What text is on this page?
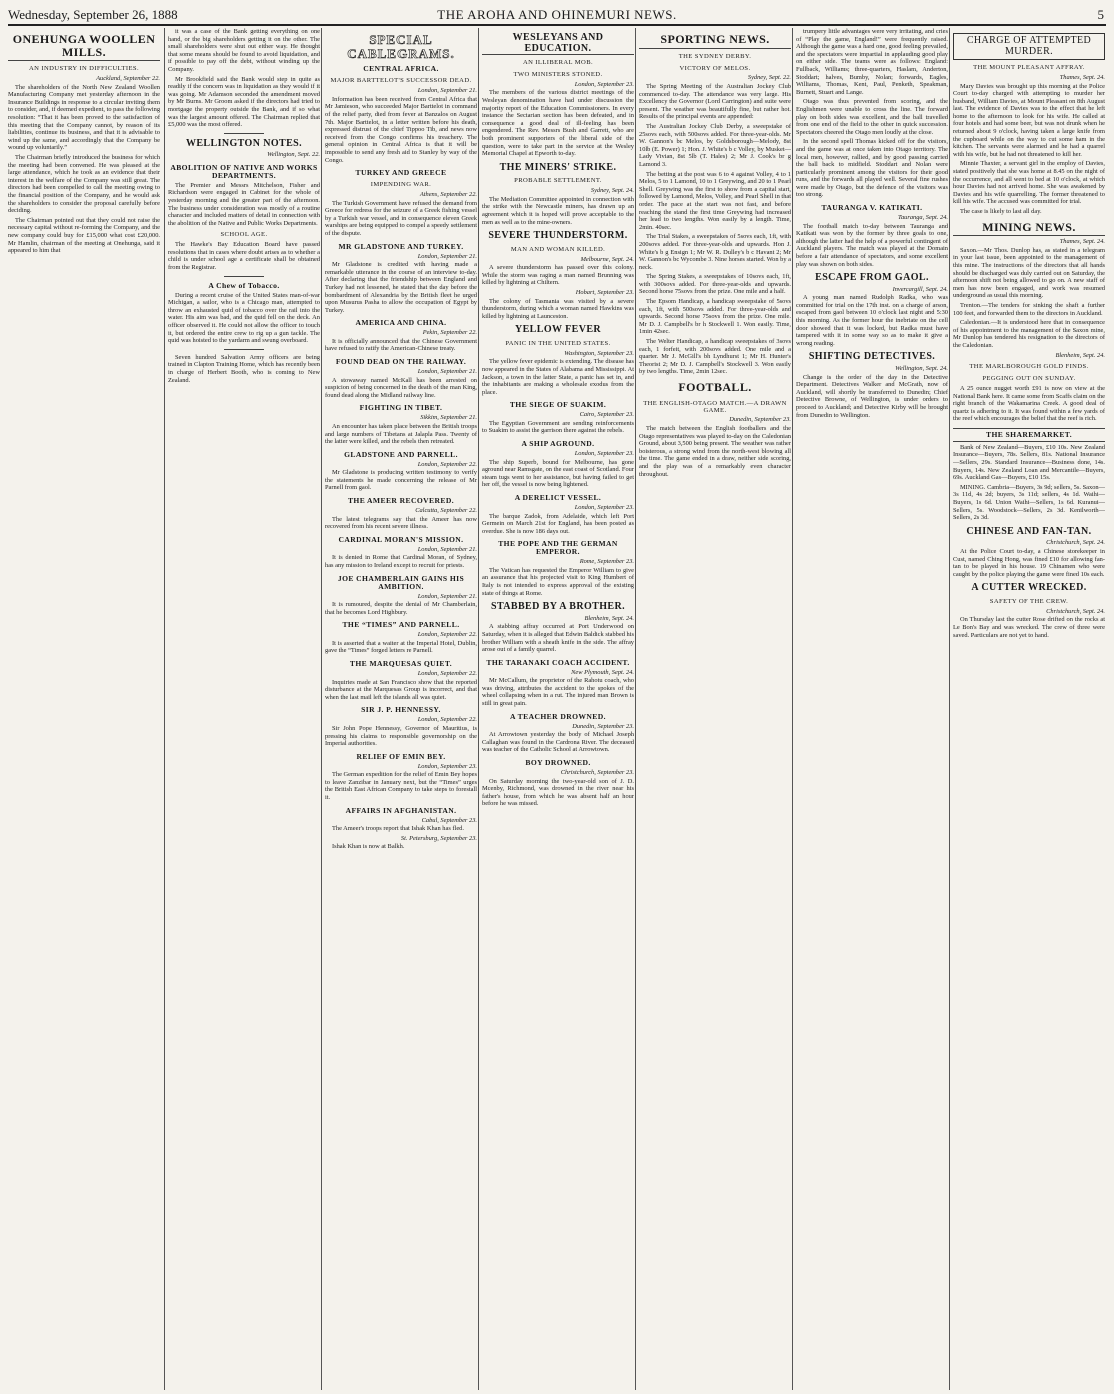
Wednesday, September 26, 1888	THE AROHA AND OHINEMURI NEWS.	5
ONEHUNGA WOOLLEN MILLS.
AN INDUSTRY IN DIFFICULTIES.
Auckland, September 22.

The shareholders of the North New Zealand Woollen Manufacturing Company met yesterday afternoon in the Insurance Buildings in response to a circular inviting them to consider, and, if deemed expedient, to pass the following resolution: “That it has been proved to the satisfaction of this meeting that the Company cannot, by reason of its liabilities, continue its business, and that it is advisable to wind up the same, and accordingly that the Company be wound up voluntarily.”

The Chairman briefly introduced the business for which the meeting had been convened. He was pleased at the large attendance, which he took as an evidence that their interest in the welfare of the Company was still great. The directors had been compelled to call the meeting owing to the financial position of the Company, and he would ask the shareholders to consider the proposal carefully before deciding.

The Chairman pointed out that they could not raise the necessary capital without re-forming the Company, and the new company could buy for £15,000 what cost £20,000. Mr Hamlin, chairman of the meeting at Onehunga, said it appeared to him that

it was a case of the Bank getting everything on one hand, or the big shareholders getting it on the other. The small shareholders were shut out either way. He thought that some means should be found to avoid liquidation, and if possible to pay off the debt, without winding up the Company.

Mr Brookfield said the Bank would step in quite as readily if the concern was in liquidation as they would if it was going. Mr Adamson seconded the amendment moved by Mr Burns. Mr Groom asked if the directors had tried to mortgage the property outside the Bank, and if so what was the largest amount offered. The Chairman replied that £5,000 was the most offered.

WELLINGTON NOTES.
Wellington, Sept. 22.
ABOLITION OF NATIVE AND WORKS DEPARTMENTS.

The Premier and Messrs Mitchelson, Fisher and Richardson were engaged in Cabinet for the whole of yesterday morning and the greater part of the afternoon. The business under consideration was mostly of a routine character and included matters of detail in connection with the abolition of the Native and Public Works Departments.

SCHOOL AGE.

The Hawke's Bay Education Board have passed resolutions that in cases where doubt arises as to whether a child is under school age a certificate shall be obtained from the Registrar.

A Chew of Tobacco.

During a recent cruise of the United States man-of-war Michigan, a sailor, who is a Chicago man, attempted to throw an exhausted quid of tobacco over the rail into the water. His aim was bad, and the quid fell on the deck. An officer observed it. He could not allow the officer to touch it, but ordered the entire crew to rig up a gun tackle. The quid was hoisted to the yardarm and swung overboard.

Seven hundred Salvation Army officers are being trained in Clapton Training Home, which has recently been in charge of Herbert Booth, who is coming to New Zealand.

SPECIAL CABLEGRAMS.
CENTRAL AFRICA.
MAJOR BARTTELOT'S SUCCESSOR DEAD.
London, September 21.

Information has been received from Central Africa that Mr Jamieson, who succeeded Major Barttelot in command of the relief party, died from fever at Banzalos on August 7th. Major Barttelot, in a letter written before his death, expressed distrust of the chief Tippoo Tib, and news now received from the Congo confirms his treachery. The general opinion in Central Africa is that it will be impossible to send any fresh aid to Stanley by way of the Congo.

TURKEY AND GREECE
IMPENDING WAR.
Athens, September 22.

The Turkish Government have refused the demand from Greece for redress for the seizure of a Greek fishing vessel by a Turkish war vessel, and in consequence eleven Greek warships are being equipped to compel a speedy settlement of the dispute.

MR GLADSTONE AND TURKEY.
London, September 21.

Mr Gladstone is credited with having made a remarkable utterance in the course of an interview to-day. After declaring that the friendship between England and Turkey had not lessened, he stated that the day before the bombardment of Alexandria by the British fleet he urged upon Musurus Pasha to allow the occupation of Egypt by Turkey.

AMERICA AND CHINA.
Pekin, September 22.

It is officially announced that the Chinese Government have refused to ratify the American-Chinese treaty.

FOUND DEAD ON THE RAILWAY.
London, September 21.

A stowaway named McKall has been arrested on suspicion of being concerned in the death of the man King, found dead along the Midland railway line.

FIGHTING IN TIBET.
Sikkim, September 21.

An encounter has taken place between the British troops and large numbers of Tibetans at Jalapla Pass. Twenty of the latter were killed, and the rebels then retreated.

GLADSTONE AND PARNELL.
London, September 22.

Mr Gladstone is producing written testimony to verify the statements he made concerning the release of Mr Parnell from gaol.

THE AMEER RECOVERED.
Calcutta, September 22.

The latest telegrams say that the Ameer has now recovered from his recent severe illness.

CARDINAL MORAN'S MISSION.
London, September 21.

It is denied in Rome that Cardinal Moran, of Sydney, has any mission to Ireland except to recruit for priests.

JOE CHAMBERLAIN GAINS HIS AMBITION.
London, September 21.

It is rumoured, despite the denial of Mr Chamberlain, that he becomes Lord Highbury.

THE “TIMES” AND PARNELL.
London, September 22.

It is asserted that a waiter at the Imperial Hotel, Dublin, gave the “Times” forged letters re Parnell.

THE MARQUESAS QUIET.
London, September 22.

Inquiries made at San Francisco show that the reported disturbance at the Marquesas Group is incorrect, and that when the last mail left the islands all was quiet.

SIR J. P. HENNESSY.
London, September 22.

Sir John Pope Hennessy, Governor of Mauritius, is pressing his claims to responsible governorship on the Imperial authorities.

RELIEF OF EMIN BEY.
London, September 23.

The German expedition for the relief of Emin Bey hopes to leave Zanzibar in January next, but the “Times” urges the British East African Company to take steps to forestall it.

AFFAIRS IN AFGHANISTAN.
Cabul, September 23.

The Ameer's troops report that Ishak Khan has fled.

St. Petersburg, September 23.

Ishak Khan is now at Balkh.

WESLEYANS AND EDUCATION.
AN ILLIBERAL MOB.
TWO MINISTERS STONED.
London, September 23.

The members of the various district meetings of the Wesleyan denomination have had under discussion the majority report of the Education Commissioners. In every instance the Sectarian section has been defeated, and in consequence a good deal of ill-feeling has been engendered. The Rev. Messrs Bush and Garrett, who are both prominent supporters of the liberal side of the question, were to take part in the service at the Wesley Memorial Chapel at Epworth to-day.

THE MINERS' STRIKE.
PROBABLE SETTLEMENT.
Sydney, Sept. 24.

The Mediation Committee appointed in connection with the strike with the Newcastle miners, has drawn up an agreement which it is hoped will prove acceptable to the men as well as to the mine-owners.

SEVERE THUNDERSTORM.
MAN AND WOMAN KILLED.
Melbourne, Sept. 24.

A severe thunderstorm has passed over this colony. While the storm was raging a man named Brunning was killed by lightning at Chiltern.

Hobart, September 23.

The colony of Tasmania was visited by a severe thunderstorm, during which a woman named Hawkins was killed by lightning at Launceston.

YELLOW FEVER
PANIC IN THE UNITED STATES.
Washington, September 23.

The yellow fever epidemic is extending. The disease has now appeared in the States of Alabama and Mississippi. At Jackson, a town in the latter State, a panic has set in, and the inhabitants are making a wholesale exodus from the place.

THE SIEGE OF SUAKIM.
Cairo, September 23.

The Egyptian Government are sending reinforcements to Suakim to assist the garrison there against the rebels.

A SHIP AGROUND.
London, September 23.

The ship Superb, bound for Melbourne, has gone aground near Ramsgate, on the east coast of Scotland. Four steam tugs went to her assistance, but having failed to get her off, the vessel is now being lightened.

A DERELICT VESSEL.
London, September 23.

The barque Zadok, from Adelaide, which left Port Germein on March 21st for England, has been posted as overdue. She is now 186 days out.

THE POPE AND THE GERMAN EMPEROR.
Rome, September 23.

The Vatican has requested the Emperor William to give an assurance that his projected visit to King Humbert of Italy is not intended to express approval of the existing state of things at Rome.

STABBED BY A BROTHER.
Blenheim, Sept. 24.

A stabbing affray occurred at Port Underwood on Saturday, when it is alleged that Edwin Baldick stabbed his brother William with a sheath knife in the side. The affray arose out of a family quarrel.

THE TARANAKI COACH ACCIDENT.
New Plymouth, Sept. 24.

Mr McCallum, the proprietor of the Rahotu coach, who was driving, attributes the accident to the spokes of the wheel collapsing when in a rut. The injured man Brown is still in great pain.

A TEACHER DROWNED.
Dunedin, September 23.

At Arrowtown yesterday the body of Michael Joseph Callaghan was found in the Cardrona River. The deceased was teacher of the Catholic School at Arrowtown.

BOY DROWNED.
Christchurch, September 23.

On Saturday morning the two-year-old son of J. D. Mcenby, Richmond, was drowned in the river near his father's house, from which he was absent half an hour before he was missed.

SPORTING NEWS.
THE SYDNEY DERBY.
VICTORY OF MELOS.
Sydney, Sept. 22.

The Spring Meeting of the Australian Jockey Club commenced to-day. The attendance was very large. His Excellency the Governor (Lord Carrington) and suite were present. The weather was beautifully fine, but rather hot. Results of the principal events are appended:

The Australian Jockey Club Derby, a sweepstake of 25sovs each, with 500sovs added. For three-year-olds. Mr W. Gannon's bc Melos, by Goldsborough—Melody, 8st 10lb (E. Power) 1; Hon. J. White's b c Volley, by Musket—Lady Vivian, 8st 5lb (T. Hales) 2; Mr J. Cook's br g Lamond 3.

The betting at the post was 6 to 4 against Volley, 4 to 1 Melos, 5 to 1 Lamond, 10 to 1 Greywing, and 20 to 1 Pearl Shell. Greywing was the first to show from a capital start, followed by Lamond, Melos, Volley, and Pearl Shell in that order. The pace at the start was not fast, and before reaching the stand the first time Greywing had increased her lead to two lengths. Won easily by a length. Time, 2min. 40sec.

The Trial Stakes, a sweepstakes of 5sovs each, 1ft, with 200sovs added. For three-year-olds and upwards. Hon J. White's b g Ensign 1; Mr W. R. Dulley's b c Havant 2; Mr W. Gannon's bc Wycombe 3. Nine horses started. Won by a neck.

The Spring Stakes, a sweepstakes of 10sovs each, 1ft, with 300sovs added. For three-year-olds and upwards. Second horse 75sovs from the prize. One mile and a half.

The Epsom Handicap, a handicap sweepstake of 5sovs each, 1ft, with 500sovs added. For three-year-olds and upwards. Second horse 75sovs from the prize. One mile. Mr D. J. Campbell's br h Stockwell 1. Won easily. Time, 1min 42sec.

The Welter Handicap, a handicap sweepstakes of 3sovs each, 1 forfeit, with 200sovs added. One mile and a quarter. Mr J. McGill's bh Lyndhurst 1; Mr H. Hunter's Theorist 2; Mr D. J. Campbell's Stockwell 3. Won easily by two lengths. Time, 2min 12sec.

FOOTBALL.
THE ENGLISH-OTAGO MATCH.—A DRAWN GAME.
Dunedin, September 23.

The match between the English footballers and the Otago representatives was played to-day on the Caledonian Ground, about 3,500 being present. The weather was rather boisterous, a strong wind from the north-west blowing all the time. The game ended in a draw, neither side scoring, and the play was of a remarkably even character throughout.

trumpery little advantages were very irritating, and cries of “Play the game, England!” were frequently raised. Although the game was a hard one, good feeling prevailed, and the spectators were impartial in applauding good play on either side. The teams were as follows: England: Fullback, Williams; three-quarters, Haslam, Anderton, Stoddart; halves, Bumby, Nolan; forwards, Eagles, Williams, Thomas, Kent, Paul, Penketh, Speakman, Burnett, Stuart and Lange.

Otago was thus prevented from scoring, and the Englishmen were unable to cross the line. The forward play on both sides was excellent, and the ball travelled from one end of the field to the other in quick succession. Spectators cheered the Otago men loudly at the close.

In the second spell Thomas kicked off for the visitors, and the game was at once taken into Otago territory. The local men, however, rallied, and by good passing carried the ball back to midfield. Stoddart and Nolan were particularly prominent among the visitors for their good runs, and the forwards all played well. Several fine rushes were made by Otago, but the defence of the visitors was too strong.

TAURANGA V. KATIKATI.
Tauranga, Sept. 24.

The football match to-day between Tauranga and Katikati was won by the former by three goals to one, although the latter had the help of a powerful contingent of Auckland players. The match was played at the Domain before a fair attendance of spectators, and some excellent play was shown on both sides.

ESCAPE FROM GAOL.
Invercargill, Sept. 24.

A young man named Rudolph Radka, who was committed for trial on the 17th inst. on a charge of arson, escaped from gaol between 10 o'clock last night and 5:30 this morning. As the former hour the inebriate on the cell door showed that it was locked, but Radka must have tampered with it in some way so as to make it give a wrong reading.

SHIFTING DETECTIVES.
Wellington, Sept. 24.

Change is the order of the day in the Detective Department. Detectives Walker and McGrath, now of Auckland, will shortly be transferred to Dunedin; Chief Detective Browne, of Wellington, is under orders to proceed to Auckland; and Detective Kirby will be brought from Dunedin to Wellington.

CHARGE OF ATTEMPTED MURDER.
THE MOUNT PLEASANT AFFRAY.
Thames, Sept. 24.

Mary Davies was brought up this morning at the Police Court to-day charged with attempting to murder her husband, William Davies, at Mount Pleasant on 8th August last. The evidence of Davies was to the effect that he left home to the afternoon to look for his wife. He called at four hotels and had some beer, but was not drunk when he returned about 9 o'clock, having taken a large knife from the cupboard while on the way to cut some ham in the kitchen. The servants were alarmed and he had a quarrel with his wife, but he had not threatened to kill her.

Minnie Thaxter, a servant girl in the employ of Davies, stated positively that she was home at 8.45 on the night of the occurrence, and all went to bed at 10 o'clock, at which hour Davies had not arrived home. She was awakened by Davies and his wife quarrelling. The former threatened to kill his wife. The accused was committed for trial.

The case is likely to last all day.

MINING NEWS.
Thames, Sept. 24.

Saxon.—Mr Thos. Dunlop has, as stated in a telegram in your last issue, been appointed to the management of this mine. The instructions of the directors that all hands should be discharged was duly carried out on Saturday, the afternoon shift not being allowed to go on. A new staff of men has now been engaged, and work was resumed underground as usual this morning.

Trenton.—The tenders for sinking the shaft a further 100 feet, and forwarded them to the directors in Auckland.

Caledonian.—It is understood here that in consequence of his appointment to the management of the Saxon mine, Mr Dunlop has tendered his resignation to the directors of the Caledonian.

Blenheim, Sept. 24.
THE MARLBOROUGH GOLD FINDS.
PEGGING OUT ON SUNDAY.

A 25 ounce nugget worth £91 is now on view at the National Bank here. It came some from Scaffs claim on the right branch of the Wakamarina Creek. A good deal of quartz is adhering to it. It was found within a few yards of the reef which encourages the belief that the reef is rich.

THE SHAREMARKET.

Bank of New Zealand—Buyers, £10 10s. New Zealand Insurance—Buyers, 78s. Sellers, 81s. National Insurance—Sellers, 29s. Standard Insurance—Business done, 14s. Buyers, 14s. New Zealand Loan and Mercantile—Buyers, 69s. Auckland Gas—Buyers, £10 15s.

MINING. Cambria—Buyers, 3s 9d; sellers, 5s. Saxon—3s 11d, 4s 2d; buyers, 3s 11d; sellers, 4s 1d. Waihi—Buyers, 1s 6d. Union Waihi—Sellers, 1s 6d. Kuranui—Sellers, 5s. Woodstock—Sellers, 2s 3d. Kenilworth—Sellers, 2s 3d.

CHINESE AND FAN-TAN.
Christchurch, Sept. 24.

At the Police Court to-day, a Chinese storekeeper in Cust, named Ching Hong, was fined £10 for allowing fan-tan to be played in his house. 19 Chinamen who were caught by the police playing the game were fined 10s each.

A CUTTER WRECKED.
SAFETY OF THE CREW.
Christchurch, Sept. 24.

On Thursday last the cutter Rose drifted on the rocks at Le Bon's Bay and was wrecked. The crew of three were saved. Particulars are not yet to hand.
